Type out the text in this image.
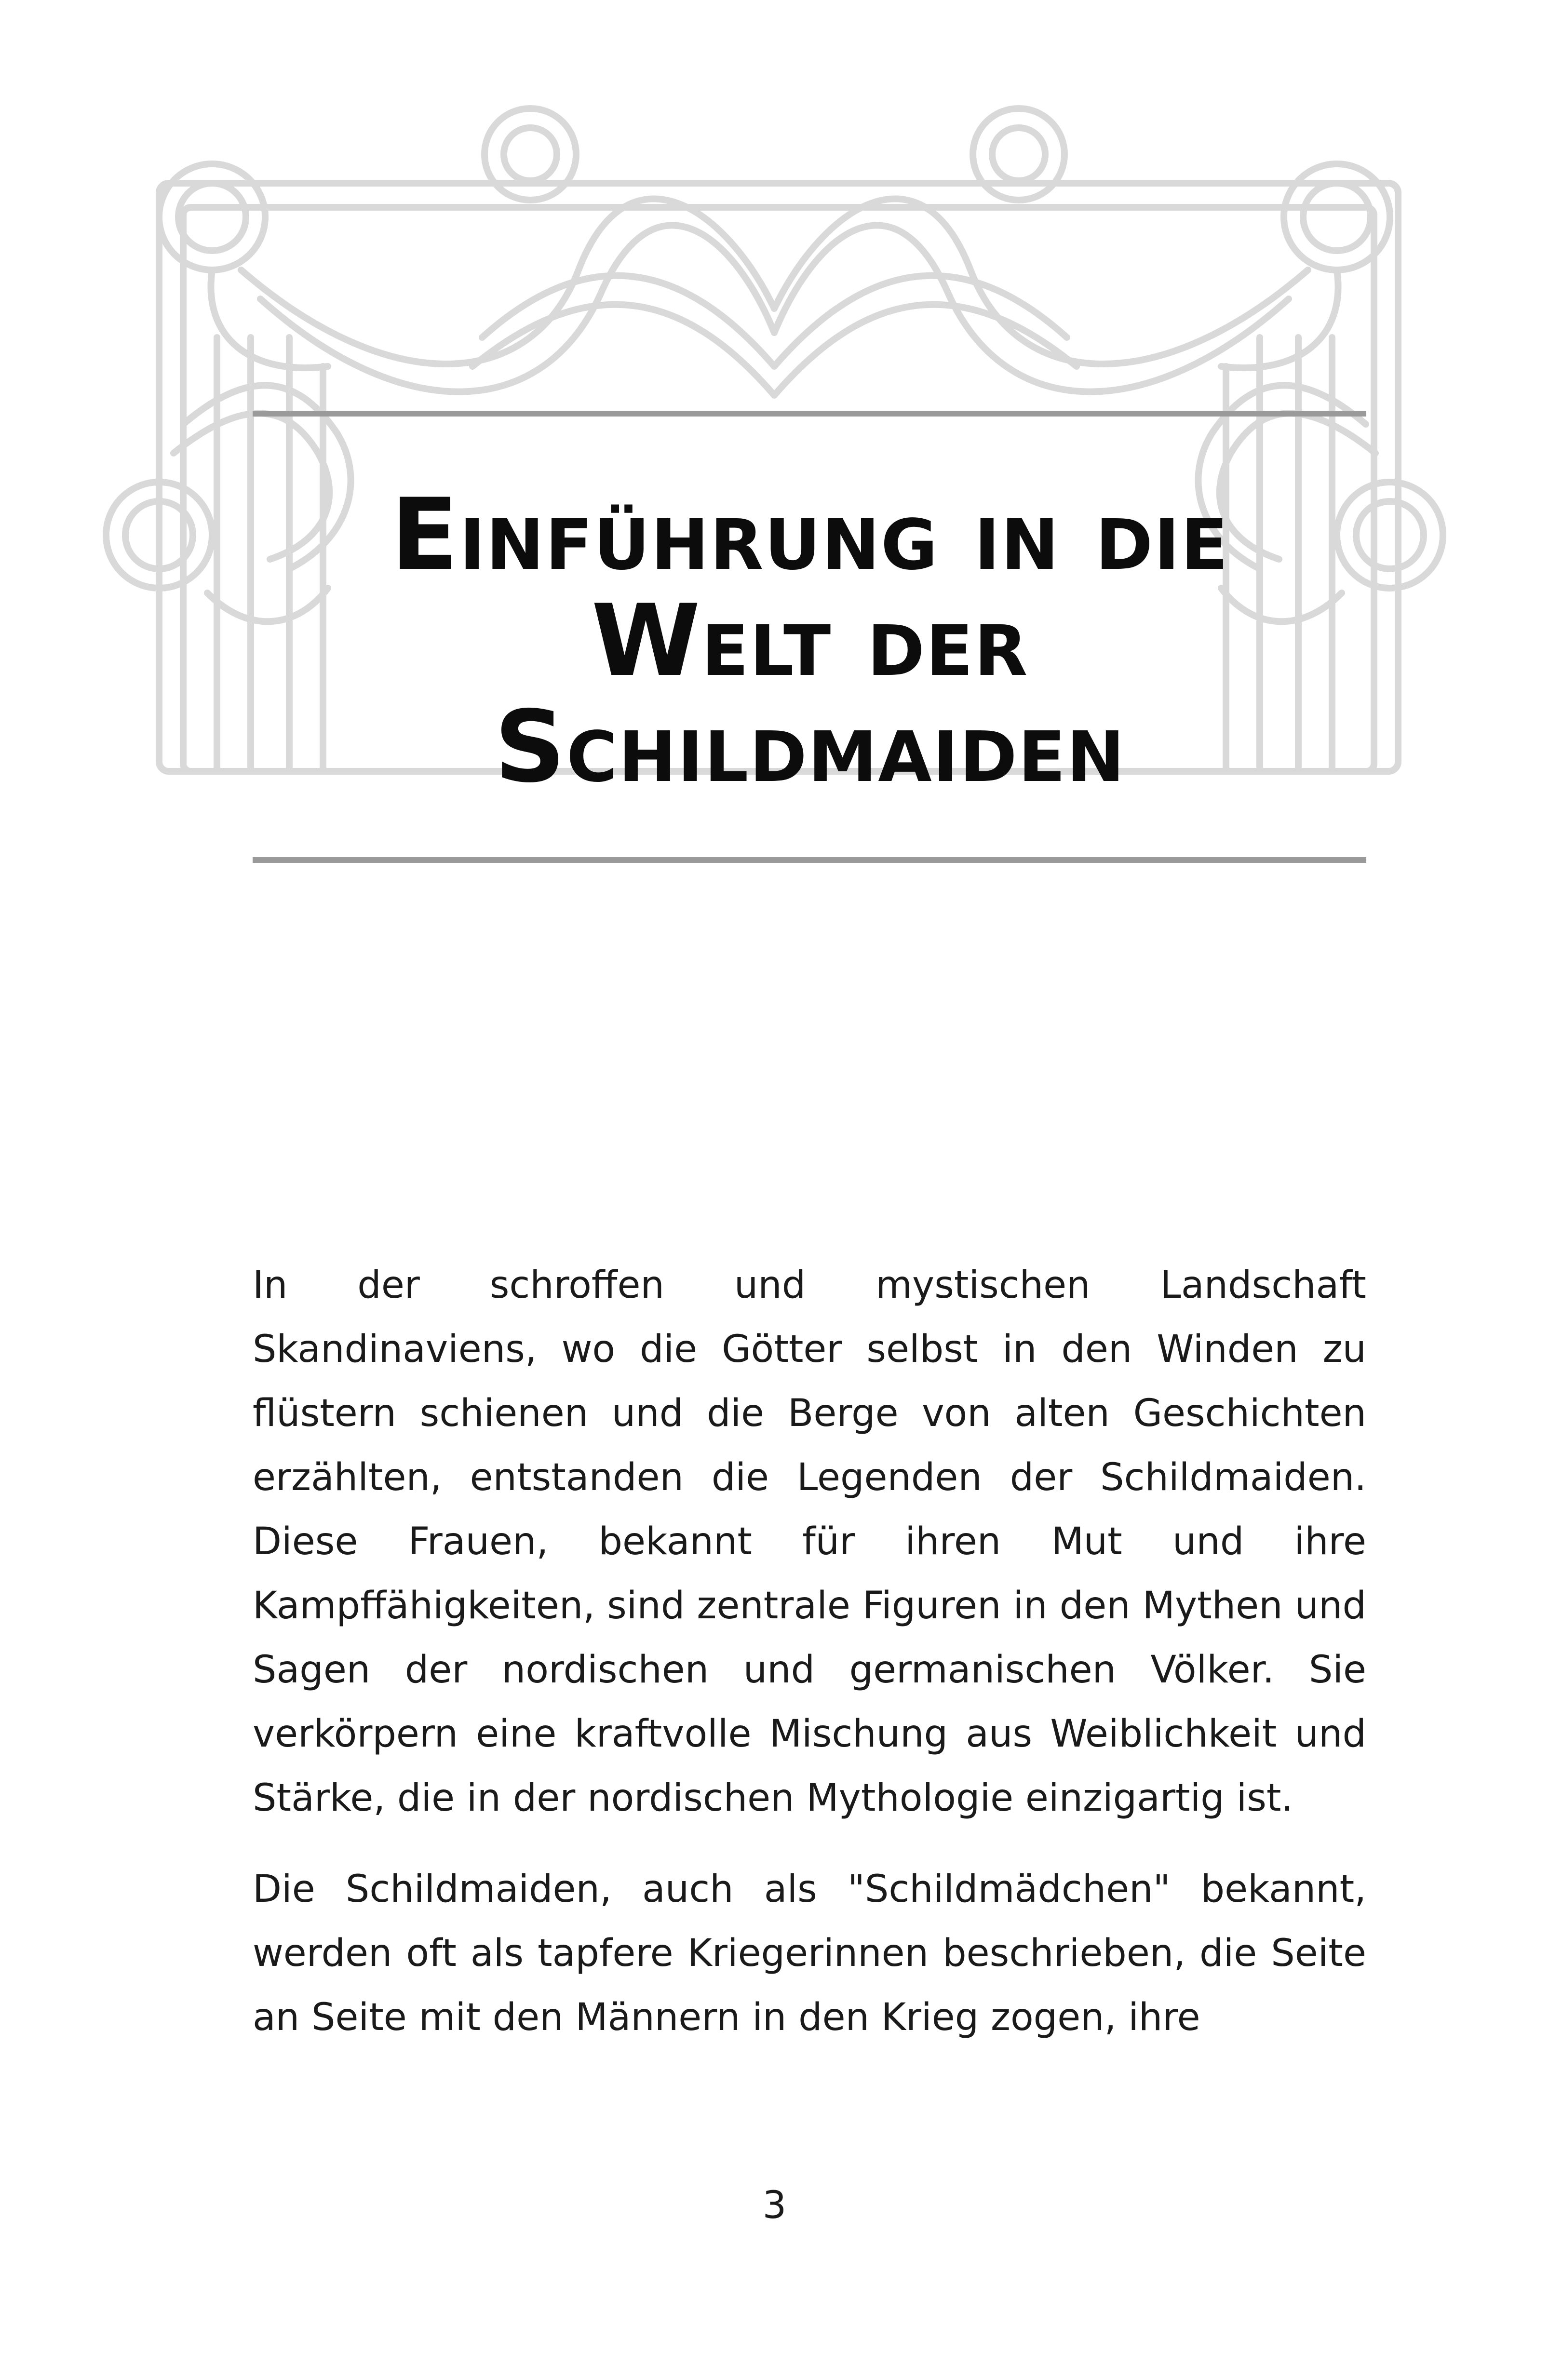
Einführung in die Welt der Schildmaiden

In der schroffen und mystischen Landschaft Skandinaviens, wo die Götter selbst in den Winden zu flüstern schienen und die Berge von alten Geschichten erzählten, entstanden die Legenden der Schildmaiden. Diese Frauen, bekannt für ihren Mut und ihre Kampffähigkeiten, sind zentrale Figuren in den Mythen und Sagen der nordischen und germanischen Völker. Sie verkörpern eine kraftvolle Mischung aus Weiblichkeit und Stärke, die in der nordischen Mythologie einzigartig ist.

Die Schildmaiden, auch als "Schildmädchen" bekannt, werden oft als tapfere Kriegerinnen beschrieben, die Seite an Seite mit den Männern in den Krieg zogen, ihre

3
